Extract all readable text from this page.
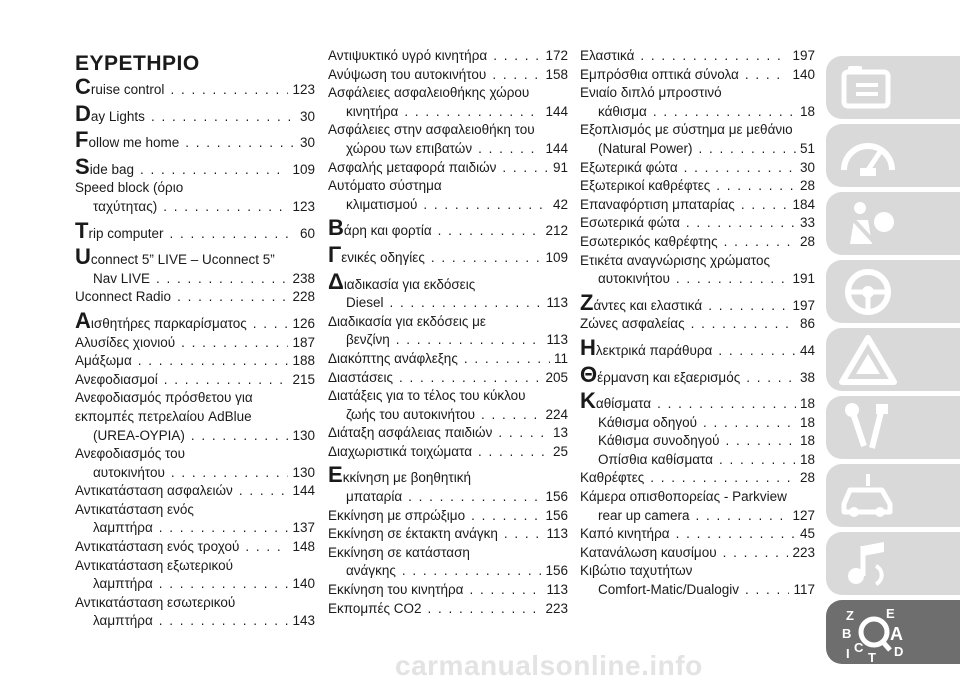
ΕΥΡΕΤΗΡΙΟ
Cruise control . . .	123
Day Lights . . .	30
Follow me home . . .	30
Side bag . . .	109
Speed block (όριο
ταχύτητας) . . .	123
Trip computer . . .	60
Uconnect 5” LIVE – Uconnect 5”
Nav LIVE . . .	238
Uconnect Radio . . .	228
Αισθητήρες παρκαρίσματος . . .	126
Αλυσίδες χιονιού . . .	187
Αμάξωμα . . .	188
Ανεφοδιασμοί . . .	215
Ανεφοδιασμός πρόσθετου για
εκπομπές πετρελαίου AdBlue
(UREA-ΟΥΡΙΑ) . . .	130
Ανεφοδιασμός του
αυτοκινήτου . . .	130
Αντικατάσταση ασφαλειών . . .	144
Αντικατάσταση ενός
λαμπτήρα . . .	137
Αντικατάσταση ενός τροχού . . .	148
Αντικατάσταση εξωτερικού
λαμπτήρα . . .	140
Αντικατάσταση εσωτερικού
λαμπτήρα . . .	143
Αντιψυκτικό υγρό κινητήρα . . .	172
Ανύψωση του αυτοκινήτου . . .	158
Ασφάλειες ασφαλειοθήκης χώρου
κινητήρα . . .	144
Ασφάλειες στην ασφαλειοθήκη του
χώρου των επιβατών . . .	144
Ασφαλής μεταφορά παιδιών . . .	91
Αυτόματο σύστημα
κλιματισμού . . .	42
Βάρη και φορτία . . .	212
Γενικές οδηγίες . . .	109
Διαδικασία για εκδόσεις
Diesel . . .	113
Διαδικασία για εκδόσεις με
βενζίνη . . .	113
Διακόπτης ανάφλεξης . . .	11
Διαστάσεις . . .	205
Διατάξεις για το τέλος του κύκλου
ζωής του αυτοκινήτου . . .	224
Διάταξη ασφάλειας παιδιών . . .	13
Διαχωριστικά τοιχώματα . . .	25
Εκκίνηση με βοηθητική
μπαταρία . . .	156
Εκκίνηση με σπρώξιμο . . .	156
Εκκίνηση σε έκτακτη ανάγκη . . .	113
Εκκίνηση σε κατάσταση
ανάγκης . . .	156
Εκκίνηση του κινητήρα . . .	113
Εκπομπές CO2 . . .	223
Ελαστικά . . .	197
Εμπρόσθια οπτικά σύνολα . . .	140
Ενιαίο διπλό μπροστινό
κάθισμα . . .	18
Εξοπλισμός με σύστημα με μεθάνιο
(Natural Power) . . .	51
Εξωτερικά φώτα . . .	30
Εξωτερικοί καθρέφτες . . .	28
Επαναφόρτιση μπαταρίας . . .	184
Εσωτερικά φώτα . . .	33
Εσωτερικός καθρέφτης . . .	28
Ετικέτα αναγνώρισης χρώματος
αυτοκινήτου . . .	191
Ζάντες και ελαστικά . . .	197
Ζώνες ασφαλείας . . .	86
Ηλεκτρικά παράθυρα . . .	44
Θέρμανση και εξαερισμός . . .	38
Καθίσματα . . .	18
Κάθισμα οδηγού . . .	18
Κάθισμα συνοδηγού . . .	18
Οπίσθια καθίσματα . . .	18
Καθρέφτες . . .	28
Κάμερα οπισθοπορείας - Parkview
rear up camera . . .	127
Καπό κινητήρα . . .	45
Κατανάλωση καυσίμου . . .	223
Κιβώτιο ταχυτήτων
Comfort-Matic/Dualogiv . . .	117
Z E
B A
C D
T
I
carmanualsonline.info
